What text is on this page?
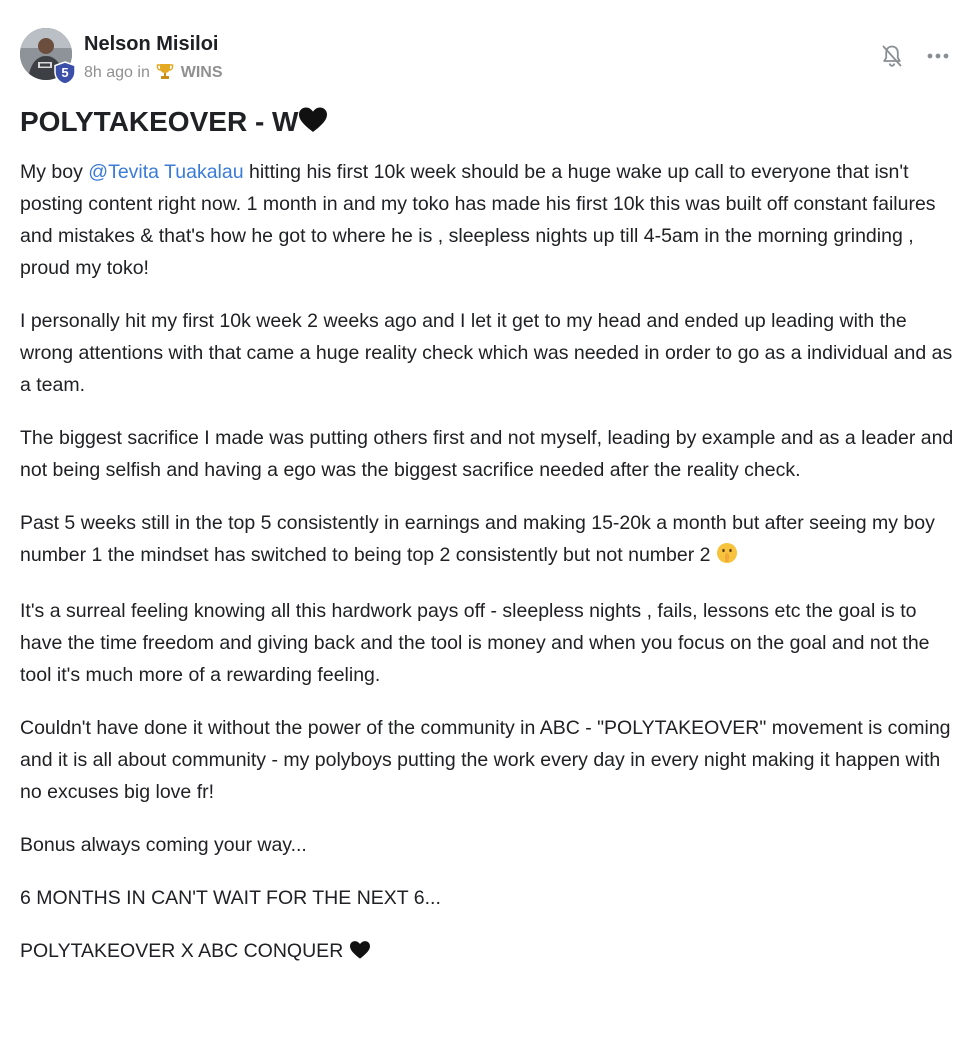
5
Nelson Misiloi
8h ago in WINS
POLYTAKEOVER - W

My boy @Tevita Tuakalau hitting his first 10k week should be a huge wake up call to everyone that isn't posting content right now. 1 month in and my toko has made his first 10k this was built off constant failures and mistakes & that's how he got to where he is , sleepless nights up till 4-5am in the morning grinding , proud my toko!

I personally hit my first 10k week 2 weeks ago and I let it get to my head and ended up leading with the wrong attentions with that came a huge reality check which was needed in order to go as a individual and as a team.

The biggest sacrifice I made was putting others first and not myself, leading by example and as a leader and not being selfish and having a ego was the biggest sacrifice needed after the reality check.

Past 5 weeks still in the top 5 consistently in earnings and making 15-20k a month but after seeing my boy number 1 the mindset has switched to being top 2 consistently but not number 2

It's a surreal feeling knowing all this hardwork pays off - sleepless nights , fails, lessons etc the goal is to have the time freedom and giving back and the tool is money and when you focus on the goal and not the tool it's much more of a rewarding feeling.

Couldn't have done it without the power of the community in ABC - "POLYTAKEOVER" movement is coming and it is all about community - my polyboys putting the work every day in every night making it happen with no excuses big love fr!

Bonus always coming your way...

6 MONTHS IN CAN'T WAIT FOR THE NEXT 6...

POLYTAKEOVER X ABC CONQUER
